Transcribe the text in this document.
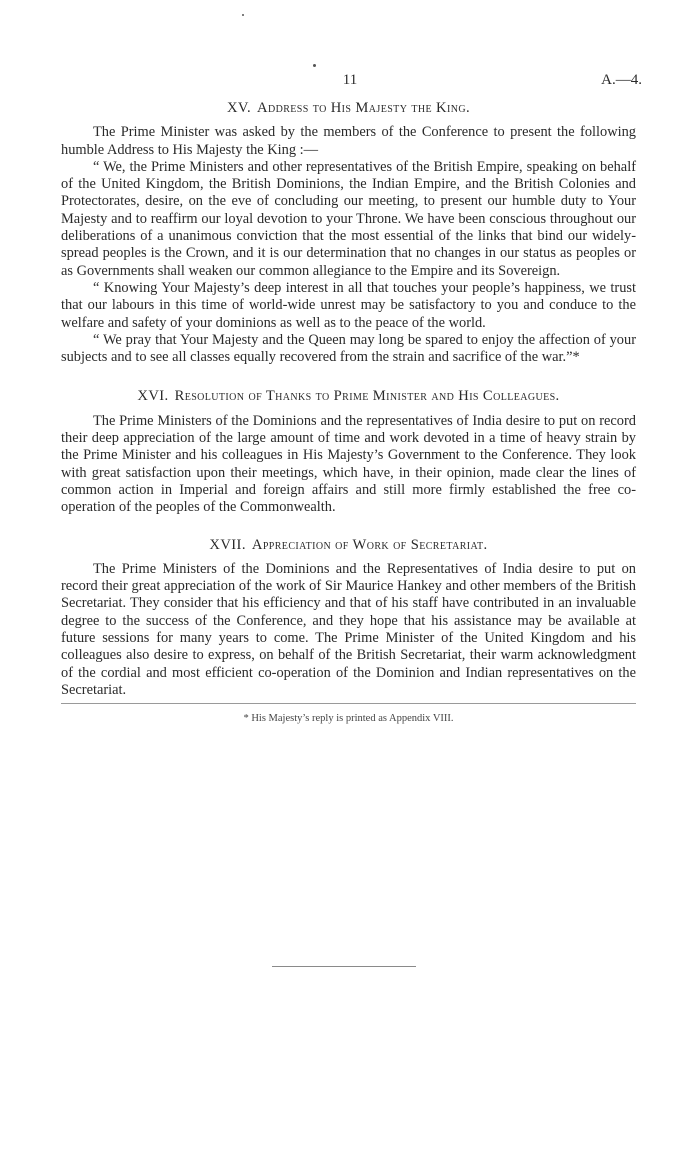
11	A.—4.
XV. Address to His Majesty the King.

The Prime Minister was asked by the members of the Conference to present the following humble Address to His Majesty the King :—

“ We, the Prime Ministers and other representatives of the British Empire, speaking on behalf of the United Kingdom, the British Dominions, the Indian Empire, and the British Colonies and Protectorates, desire, on the eve of concluding our meeting, to present our humble duty to Your Majesty and to reaffirm our loyal devotion to your Throne. We have been conscious throughout our deliberations of a unanimous conviction that the most essential of the links that bind our widely-spread peoples is the Crown, and it is our determination that no changes in our status as peoples or as Governments shall weaken our common allegiance to the Empire and its Sovereign.

“ Knowing Your Majesty’s deep interest in all that touches your people’s happiness, we trust that our labours in this time of world-wide unrest may be satisfactory to you and conduce to the welfare and safety of your dominions as well as to the peace of the world.

“ We pray that Your Majesty and the Queen may long be spared to enjoy the affection of your subjects and to see all classes equally recovered from the strain and sacrifice of the war.”*

XVI. Resolution of Thanks to Prime Minister and His Colleagues.

The Prime Ministers of the Dominions and the representatives of India desire to put on record their deep appreciation of the large amount of time and work devoted in a time of heavy strain by the Prime Minister and his colleagues in His Majesty’s Government to the Conference. They look with great satisfaction upon their meetings, which have, in their opinion, made clear the lines of common action in Imperial and foreign affairs and still more firmly established the free co-operation of the peoples of the Commonwealth.

XVII. Appreciation of Work of Secretariat.

The Prime Ministers of the Dominions and the Representatives of India desire to put on record their great appreciation of the work of Sir Maurice Hankey and other members of the British Secretariat. They consider that his efficiency and that of his staff have contributed in an invaluable degree to the success of the Conference, and they hope that his assistance may be available at future sessions for many years to come. The Prime Minister of the United Kingdom and his colleagues also desire to express, on behalf of the British Secretariat, their warm acknowledgment of the cordial and most efficient co-operation of the Dominion and Indian representatives on the Secretariat.

* His Majesty’s reply is printed as Appendix VIII.
